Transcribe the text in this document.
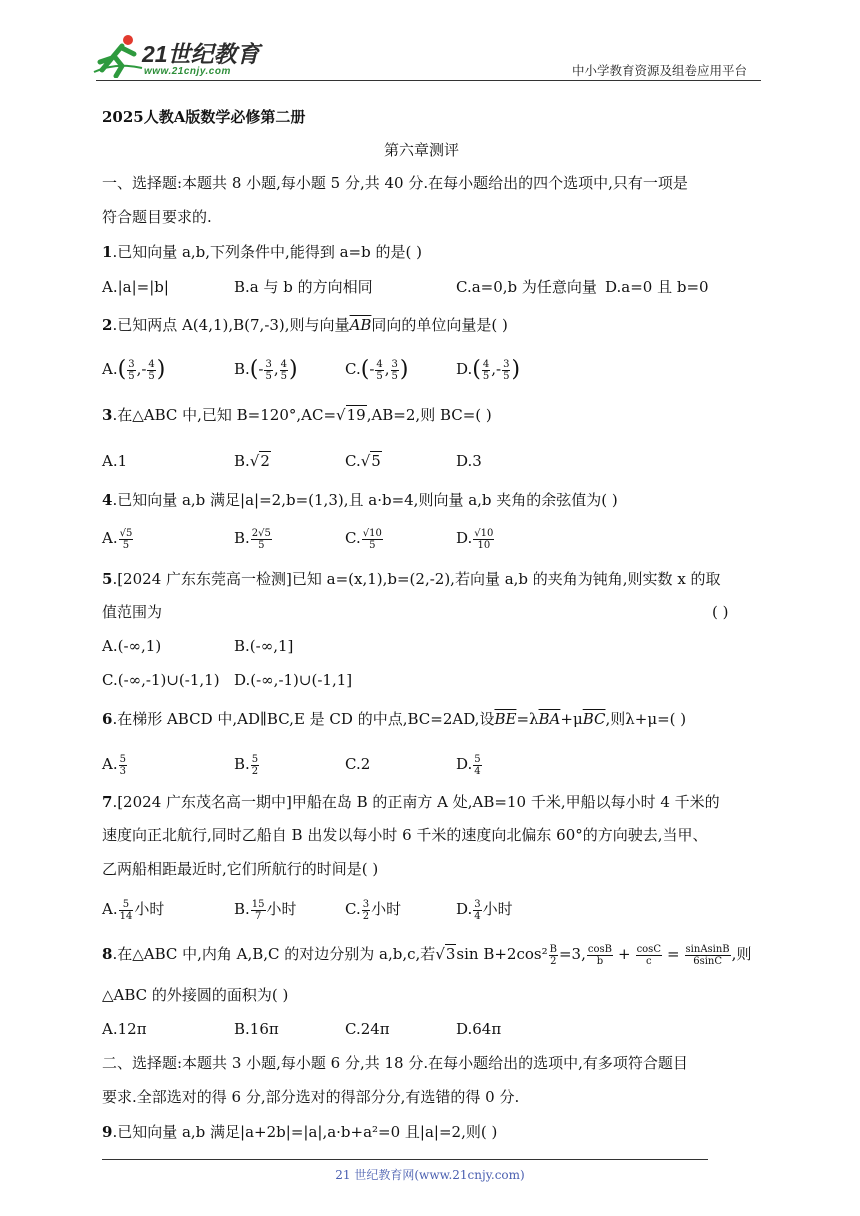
21世纪教育
www.21cnjy.com	中小学教育资源及组卷应用平台
2025人教A版数学必修第二册
第六章测评
一、选择题:本题共 8 小题,每小题 5 分,共 40 分.在每小题给出的四个选项中,只有一项是
符合题目要求的.
1.已知向量 a,b,下列条件中,能得到 a=b 的是( )
A.|a|=|b|	B.a 与 b 的方向相同	C.a=0,b 为任意向量 D.a=0 且 b=0
2.已知两点 A(4,1),B(7,-3),则与向量$\overline{AB}$同向的单位向量是( )
$A.( \frac{3}{5}$ ,- $\frac{4}{5}$ )	$B.(- \frac{3}{5}$ , $\frac{4}{5}$ )	$C.(- \frac{4}{5}$ , $\frac{3}{5}$ )	$D.( \frac{4}{5}$ ,- $\frac{3}{5}$ )
3.在△ABC 中,已知 B=120°,AC=√19,AB=2,则 BC=( )
A.1	B.√2	C.√5	D.3
4.已知向量 a,b 满足|a|=2,b=(1,3),且 a·b=4,则向量 a,b 夹角的余弦值为( )
A. $\frac{√5}{5}$	B. $\frac{2√5}{5}$	C. $\frac{√10}{5}$	D. $\frac{√10}{10}$
5.[2024 广东东莞高一检测]已知 a=(x,1),b=(2,-2),若向量 a,b 的夹角为钝角,则实数 x 的取
值范围为	( )
A.(-∞,1)	B.(-∞,1]
C.(-∞,-1)∪(-1,1) D.(-∞,-1)∪(-1,1]
6.在梯形 ABCD 中,AD∥BC,E 是 CD 的中点,BC=2AD,设$\overline{BE}=\lambda\overline{BA}+\mu\overline{BC}$,则λ+μ=( )
A. $\frac{5}{3}$	B. $\frac{5}{2}$	C.2	D. $\frac{5}{4}$
7.[2024 广东茂名高一期中]甲船在岛 B 的正南方 A 处,AB=10 千米,甲船以每小时 4 千米的
速度向正北航行,同时乙船自 B 出发以每小时 6 千米的速度向北偏东 60°的方向驶去,当甲、
乙两船相距最近时,它们所航行的时间是( )
A. $\frac{5}{14}$ 小时	B. $\frac{15}{7}$ 小时	C. $\frac{3}{2}$ 小时	D. $\frac{3}{4}$ 小时
8.在△ABC 中,内角 A,B,C 的对边分别为 a,b,c,若√3sin $B+2\cos^2 \frac{B}{2} =3$, $\frac{\cos B}{b} + \frac{\cos C}{c} = \frac{\text{sinAsinB}}{6\sin C}$ ,则
△ABC 的外接圆的面积为( )
A.12π	B.16π	C.24π	D.64π
二、选择题:本题共 3 小题,每小题 6 分,共 18 分.在每小题给出的选项中,有多项符合题目
要求.全部选对的得 6 分,部分选对的得部分分,有选错的得 0 分.
9.已知向量 a,b 满足|a+2b|=|a|,a·b+a²=0 且|a|=2,则( )
21 世纪教育网(www.21cnjy.com)
